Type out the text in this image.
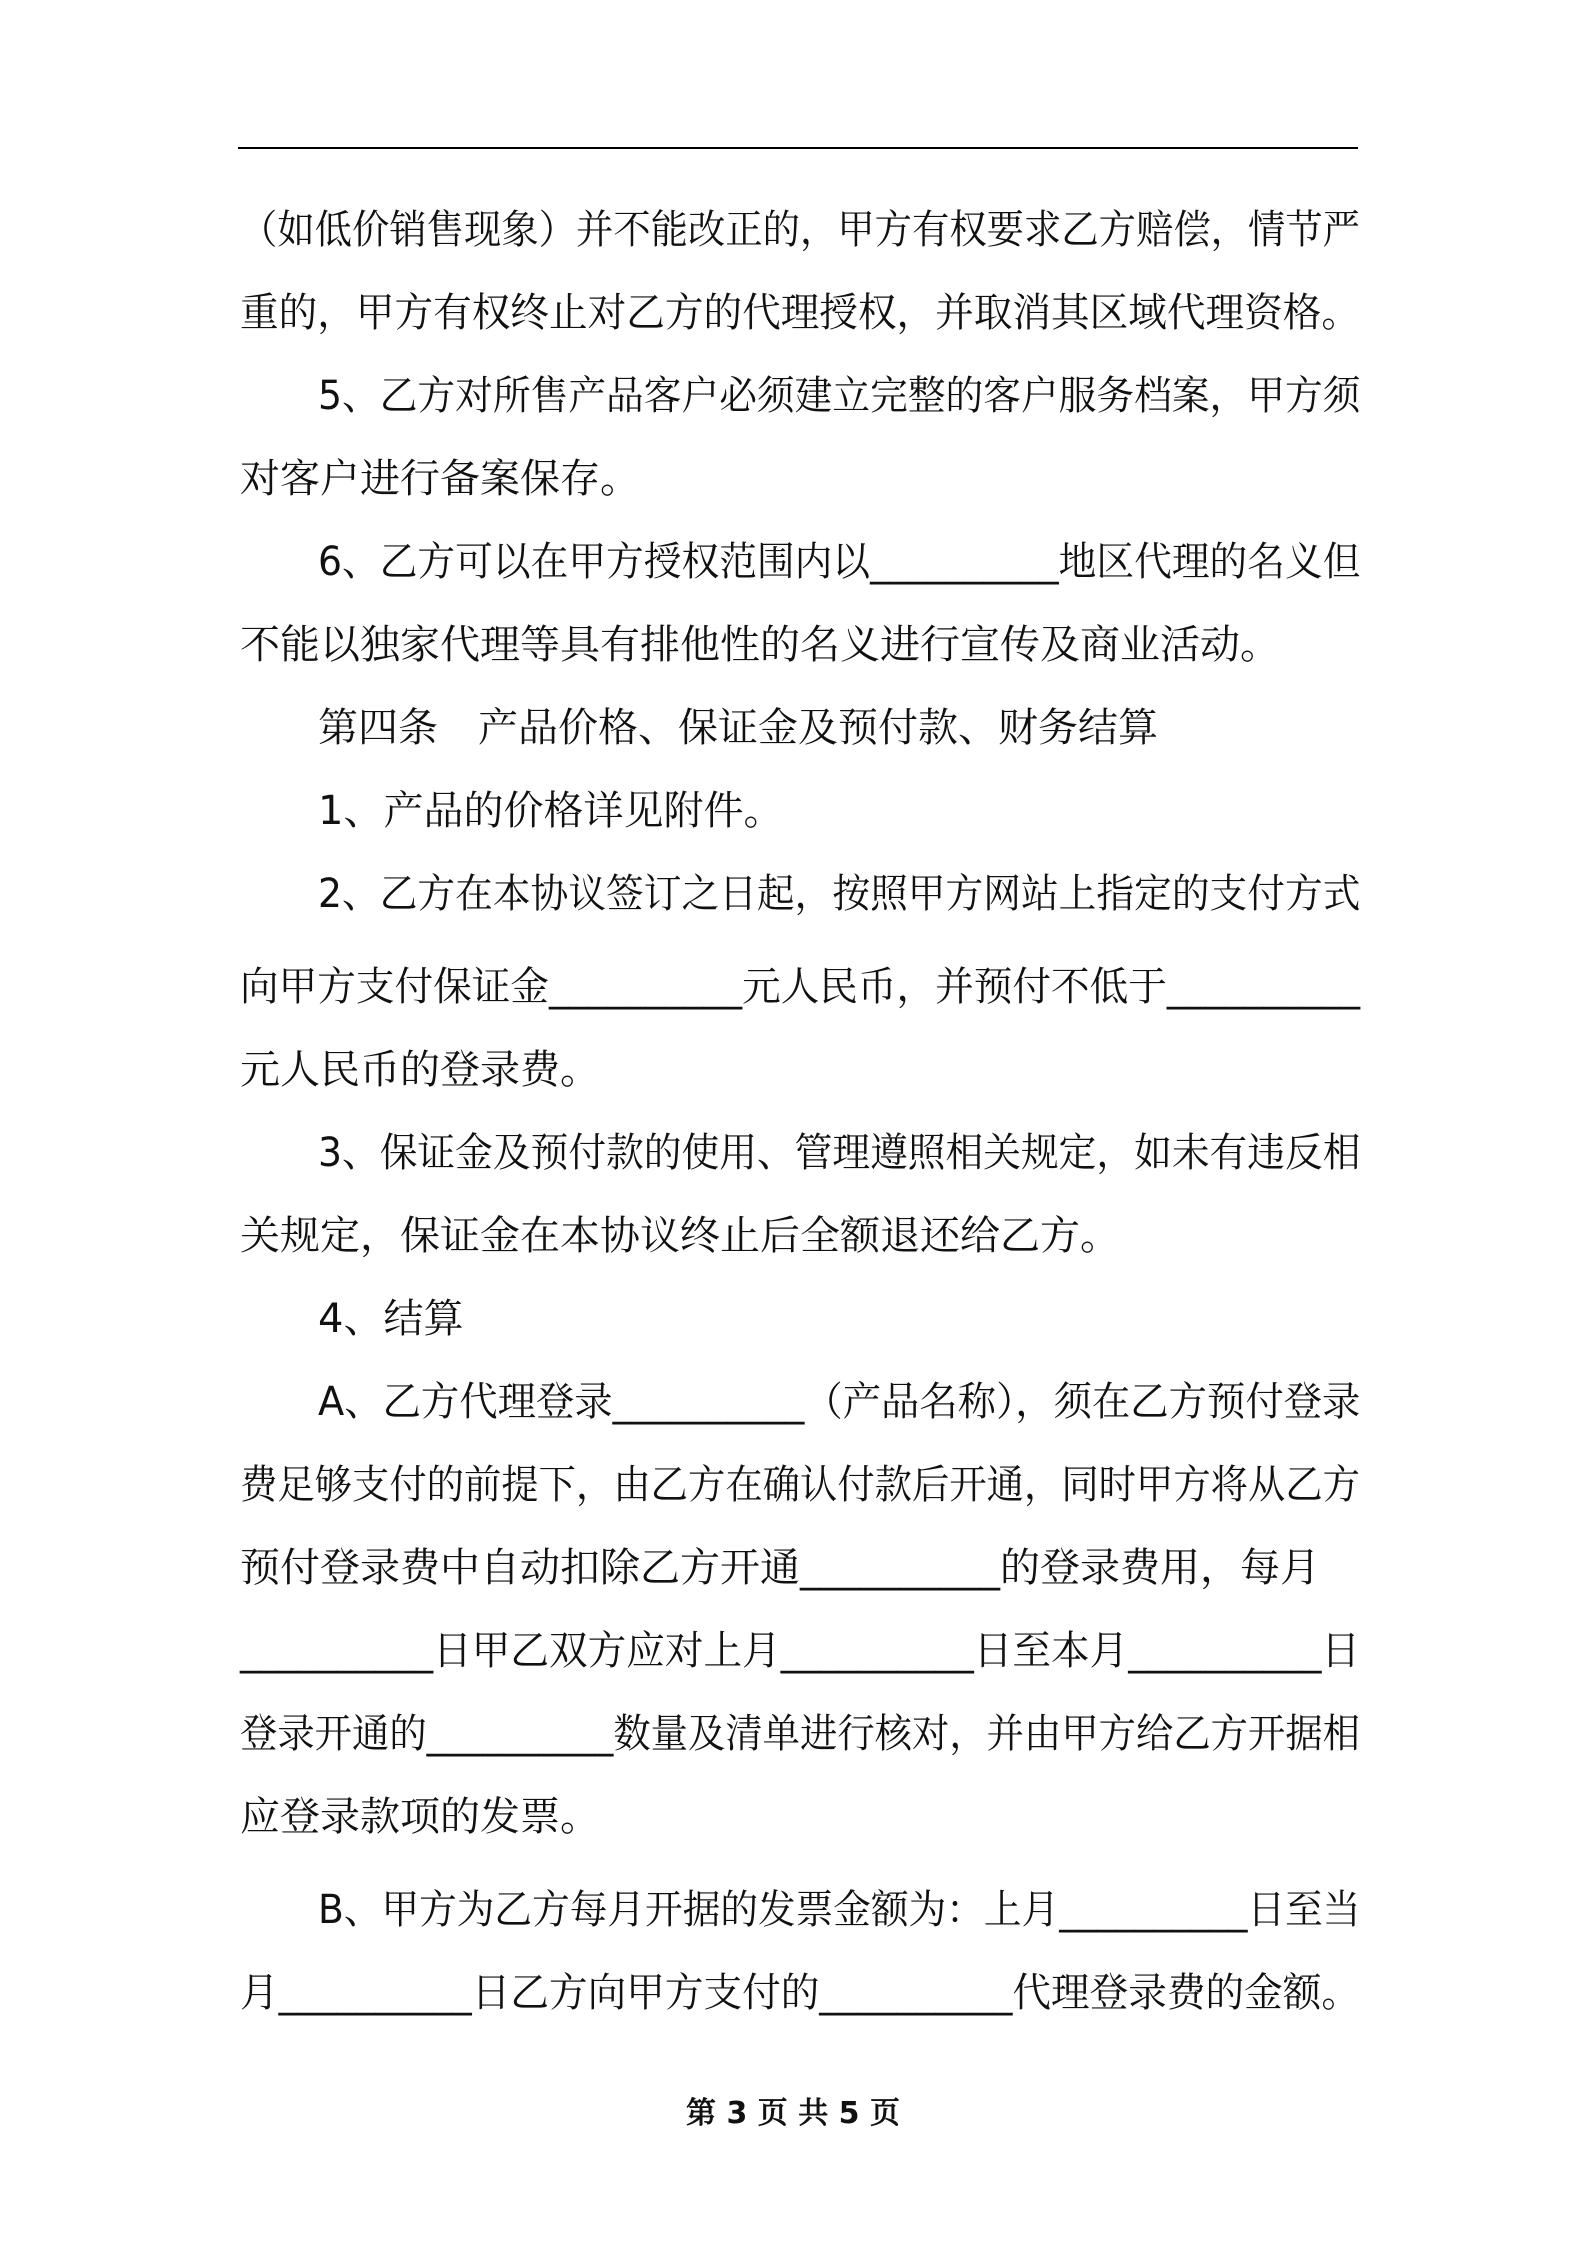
（如低价销售现象）并不能改正的，甲方有权要求乙方赔偿，情节严
重的，甲方有权终止对乙方的代理授权，并取消其区域代理资格。
5、乙方对所售产品客户必须建立完整的客户服务档案，甲方须
对客户进行备案保存。
6、乙方可以在甲方授权范围内以__________地区代理的名义但
不能以独家代理等具有排他性的名义进行宣传及商业活动。
第四条　产品价格、保证金及预付款、财务结算
1、产品的价格详见附件。
2、乙方在本协议签订之日起，按照甲方网站上指定的支付方式
向甲方支付保证金__________元人民币，并预付不低于__________
元人民币的登录费。
3、保证金及预付款的使用、管理遵照相关规定，如未有违反相
关规定，保证金在本协议终止后全额退还给乙方。
4、结算
A、乙方代理登录__________（产品名称），须在乙方预付登录
费足够支付的前提下，由乙方在确认付款后开通，同时甲方将从乙方
预付登录费中自动扣除乙方开通__________的登录费用，每月
__________日甲乙双方应对上月__________日至本月__________日
登录开通的__________数量及清单进行核对，并由甲方给乙方开据相
应登录款项的发票。
B、甲方为乙方每月开据的发票金额为：上月__________日至当
月__________日乙方向甲方支付的__________代理登录费的金额。
第 3 页 共 5 页
